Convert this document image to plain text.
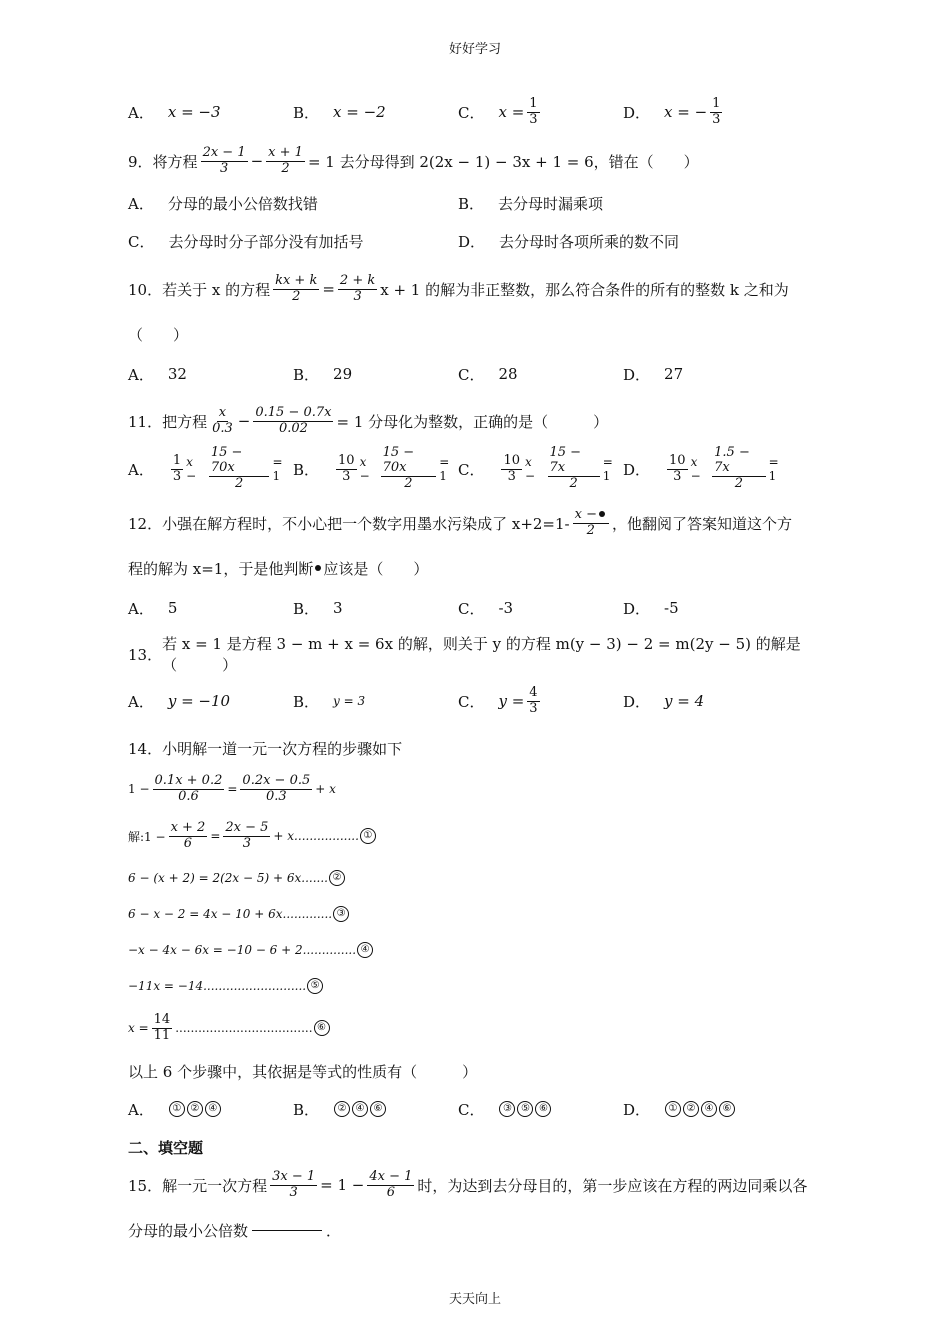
好好学习
A． x = −3	B． x = −2	C． $x = \frac{1}{3}$	D． x = − $\frac{1}{3}$
9． 将方程 $\frac{2x - 1}{3} - \frac{x + 1}{2} = 1$ 去分母得到 2(2x − 1) − 3x + 1 = 6，错在（　　）
A． 分母的最小公倍数找错	B． 去分母时漏乘项
C． 去分母时分子部分没有加括号	D． 去分母时各项所乘的数不同
10． 若关于 x 的方程 $\frac{kx + k}{2} = \frac{2 + k}{3}$ x + 1 的解为非正整数，那么符合条件的所有的整数 k 之和为
（　　）
A． 32	B． 29	C． 28	D． 27
11． 把方程 $\frac{x}{0.3} - \frac{0.15 - 0.7x}{0.02} = 1$ 分母化为整数，正确的是（　　　）
A． $\frac{1}{3}$ $x - \frac{15 - 70x}{2} = 1$ B． $\frac{10}{3}$ $x - \frac{15 - 70x}{2} = 1$ C． $\frac{10}{3}$ $x - \frac{15 - 7x}{2} = 1$ D． $\frac{10}{3}$ $x - \frac{1.5 - 7x}{2} = 1$
12． 小强在解方程时，不小心把一个数字用墨水污染成了 $x+2=1- \frac{x -}{2}$ ，他翻阅了答案知道这个方
程的解为 x=1，于是他判断 应该是（　　）
A． 5	B． 3	C． -3	D． -5
13．
若 x = 1 是方程 3 − m + x = 6x 的解，则关于 y 的方程 m(y − 3) − 2 = m(2y − 5) 的解是（　　　）
A． y = −10	B． y = 3	C． $y = \frac{4}{3}$	D． y = 4
14． 小明解一道一元一次方程的步骤如下
$1 - \frac{0.1x + 0.2}{0.6} = \frac{0.2x - 0.5}{0.3} + x$
解:1 − $\frac{x + 2}{6} = \frac{2x - 5}{3} + x$................. ①
6 − (x + 2) = 2(2x − 5) + 6x....... ②
6 − x − 2 = 4x − 10 + 6x............. ③
−x − 4x − 6x = −10 − 6 + 2.............. ④
−11x = −14........................... ⑤
$x = \frac{14}{11}$ .................................... ⑥
以上 6 个步骤中，其依据是等式的性质有（　　　）
A．	① ② ④	B．	② ④ ⑥	C．	③ ⑤ ⑥	D．	① ② ④ ⑥
二、填空题
15． 解一元一次方程 $\frac{3x - 1}{3} = 1 - \frac{4x - 1}{6}$ 时，为达到去分母目的，第一步应该在方程的两边同乘以各
分母的最小公倍数	．
天天向上
